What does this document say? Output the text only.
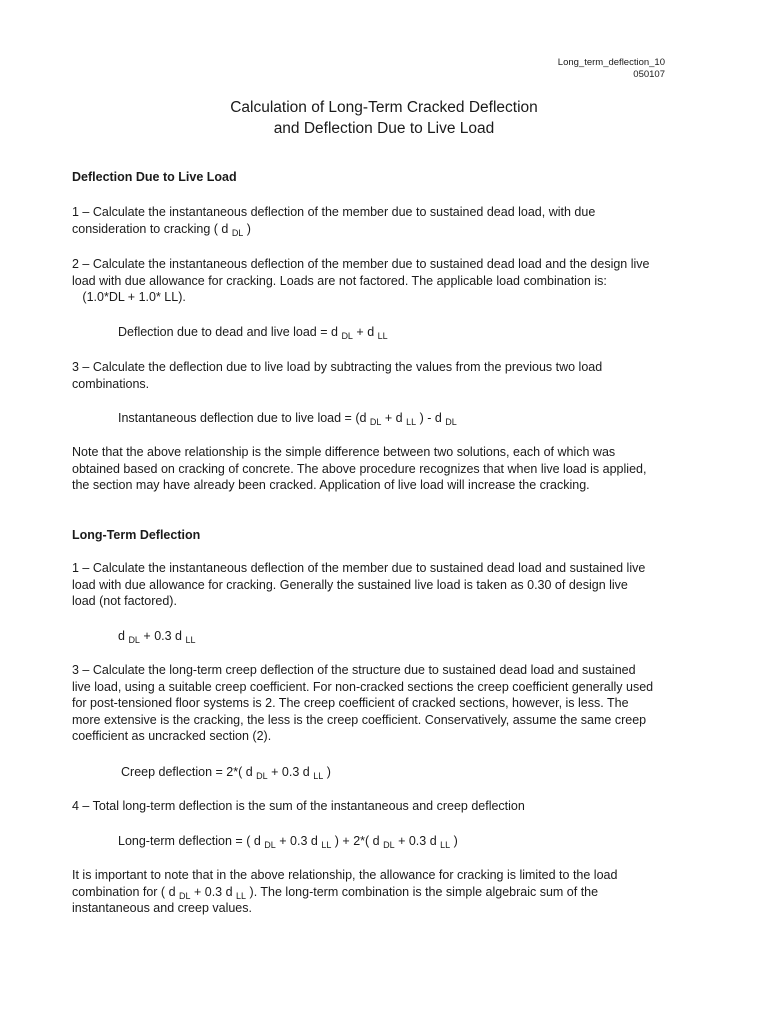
Long_term_deflection_10
050107
Calculation of Long-Term Cracked Deflection
and Deflection Due to Live Load
Deflection Due to Live Load
1 – Calculate the instantaneous deflection of the member due to sustained dead load, with due
consideration to cracking ( d $_{DL}$ )
2 – Calculate the instantaneous deflection of the member due to sustained dead load and the design live
load with due allowance for cracking. Loads are not factored. The applicable load combination is:
(1.0*DL + 1.0* LL).
Deflection due to dead and live load = d $_{DL}$ + d $_{LL}$
3 – Calculate the deflection due to live load by subtracting the values from the previous two load
combinations.
Instantaneous deflection due to live load = (d $_{DL}$ + d $_{LL}$ ) - d $_{DL}$
Note that the above relationship is the simple difference between two solutions, each of which was
obtained based on cracking of concrete. The above procedure recognizes that when live load is applied,
the section may have already been cracked. Application of live load will increase the cracking.
Long-Term Deflection
1 – Calculate the instantaneous deflection of the member due to sustained dead load and sustained live
load with due allowance for cracking. Generally the sustained live load is taken as 0.30 of design live
load (not factored).
d $_{DL}$ + 0.3 d $_{LL}$
3 – Calculate the long-term creep deflection of the structure due to sustained dead load and sustained
live load, using a suitable creep coefficient. For non-cracked sections the creep coefficient generally used
for post-tensioned floor systems is 2. The creep coefficient of cracked sections, however, is less. The
more extensive is the cracking, the less is the creep coefficient. Conservatively, assume the same creep
coefficient as uncracked section (2).
Creep deflection = 2*( d $_{DL}$ + 0.3 d $_{LL}$ )
4 – Total long-term deflection is the sum of the instantaneous and creep deflection
Long-term deflection = ( d $_{DL}$ + 0.3 d $_{LL}$ ) + 2*( d $_{DL}$ + 0.3 d $_{LL}$ )
It is important to note that in the above relationship, the allowance for cracking is limited to the load
combination for ( d $_{DL}$ + 0.3 d $_{LL}$ ). The long-term combination is the simple algebraic sum of the
instantaneous and creep values.
